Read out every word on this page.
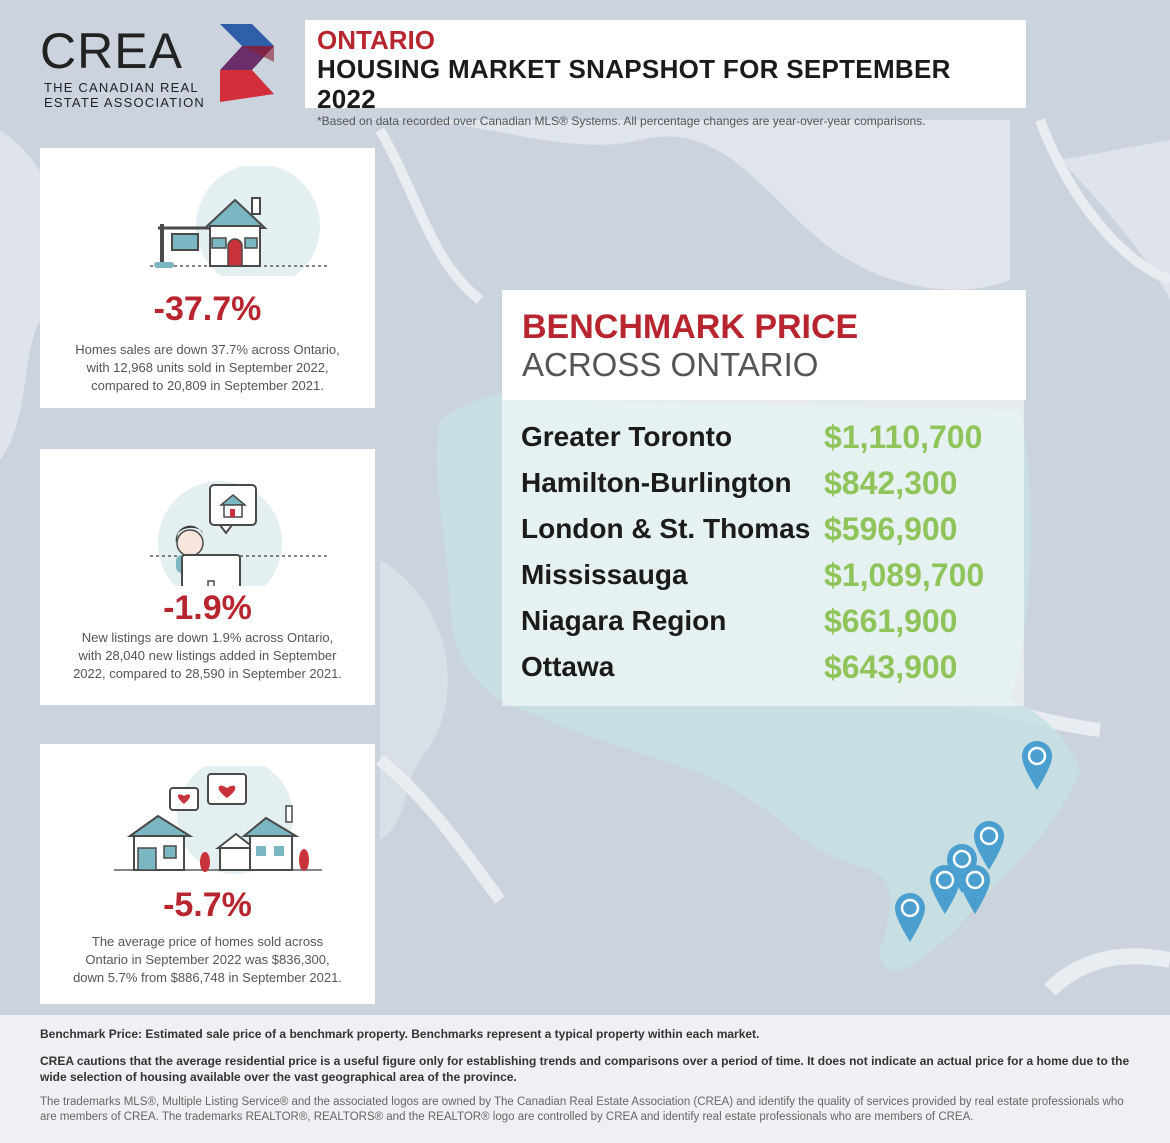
CREA
THE CANADIAN REAL ESTATE ASSOCIATION
ONTARIO
HOUSING MARKET SNAPSHOT FOR SEPTEMBER 2022
*Based on data recorded over Canadian MLS® Systems. All percentage changes are year-over-year comparisons.
-37.7%
Homes sales are down 37.7% across Ontario, with 12,968 units sold in September 2022, compared to 20,809 in September 2021.
-1.9%
New listings are down 1.9% across Ontario, with 28,040 new listings added in September 2022, compared to 28,590 in September 2021.
-5.7%
The average price of homes sold across Ontario in September 2022 was $836,300, down 5.7% from $886,748 in September 2021.
BENCHMARK PRICE
ACROSS ONTARIO
Greater Toronto	$1,110,700
Hamilton-Burlington $842,300
London & St. Thomas $596,900
Mississauga	$1,089,700
Niagara Region	$661,900
Ottawa	$643,900

Benchmark Price: Estimated sale price of a benchmark property. Benchmarks represent a typical property within each market.

CREA cautions that the average residential price is a useful figure only for establishing trends and comparisons over a period of time. It does not indicate an actual price for a home due to the wide selection of housing available over the vast geographical area of the province.

The trademarks MLS®, Multiple Listing Service® and the associated logos are owned by The Canadian Real Estate Association (CREA) and identify the quality of services provided by real estate professionals who are members of CREA. The trademarks REALTOR®, REALTORS® and the REALTOR® logo are controlled by CREA and identify real estate professionals who are members of CREA.
